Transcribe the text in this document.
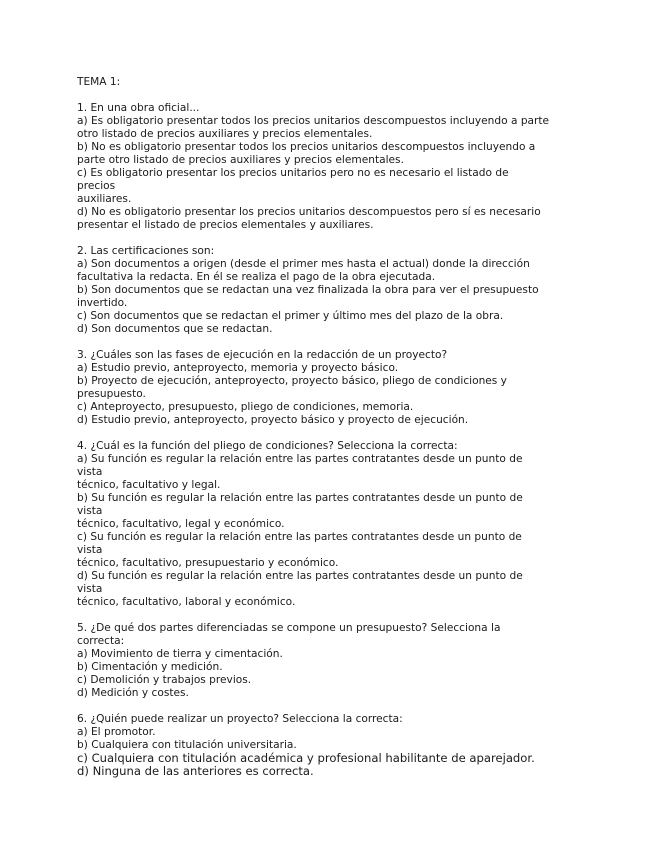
TEMA 1:
1. En una obra oficial...
a) Es obligatorio presentar todos los precios unitarios descompuestos incluyendo a parte
otro listado de precios auxiliares y precios elementales.
b) No es obligatorio presentar todos los precios unitarios descompuestos incluyendo a
parte otro listado de precios auxiliares y precios elementales.
c) Es obligatorio presentar los precios unitarios pero no es necesario el listado de
precios
auxiliares.
d) No es obligatorio presentar los precios unitarios descompuestos pero sí es necesario
presentar el listado de precios elementales y auxiliares.
2. Las certificaciones son:
a) Son documentos a origen (desde el primer mes hasta el actual) donde la dirección
facultativa la redacta. En él se realiza el pago de la obra ejecutada.
b) Son documentos que se redactan una vez finalizada la obra para ver el presupuesto
invertido.
c) Son documentos que se redactan el primer y último mes del plazo de la obra.
d) Son documentos que se redactan.
3. ¿Cuáles son las fases de ejecución en la redacción de un proyecto?
a) Estudio previo, anteproyecto, memoria y proyecto básico.
b) Proyecto de ejecución, anteproyecto, proyecto básico, pliego de condiciones y
presupuesto.
c) Anteproyecto, presupuesto, pliego de condiciones, memoria.
d) Estudio previo, anteproyecto, proyecto básico y proyecto de ejecución.
4. ¿Cuál es la función del pliego de condiciones? Selecciona la correcta:
a) Su función es regular la relación entre las partes contratantes desde un punto de
vista
técnico, facultativo y legal.
b) Su función es regular la relación entre las partes contratantes desde un punto de
vista
técnico, facultativo, legal y económico.
c) Su función es regular la relación entre las partes contratantes desde un punto de
vista
técnico, facultativo, presupuestario y económico.
d) Su función es regular la relación entre las partes contratantes desde un punto de
vista
técnico, facultativo, laboral y económico.
5. ¿De qué dos partes diferenciadas se compone un presupuesto? Selecciona la
correcta:
a) Movimiento de tierra y cimentación.
b) Cimentación y medición.
c) Demolición y trabajos previos.
d) Medición y costes.
6. ¿Quién puede realizar un proyecto? Selecciona la correcta:
a) El promotor.
b) Cualquiera con titulación universitaria.
c) Cualquiera con titulación académica y profesional habilitante de aparejador.
d) Ninguna de las anteriores es correcta.
